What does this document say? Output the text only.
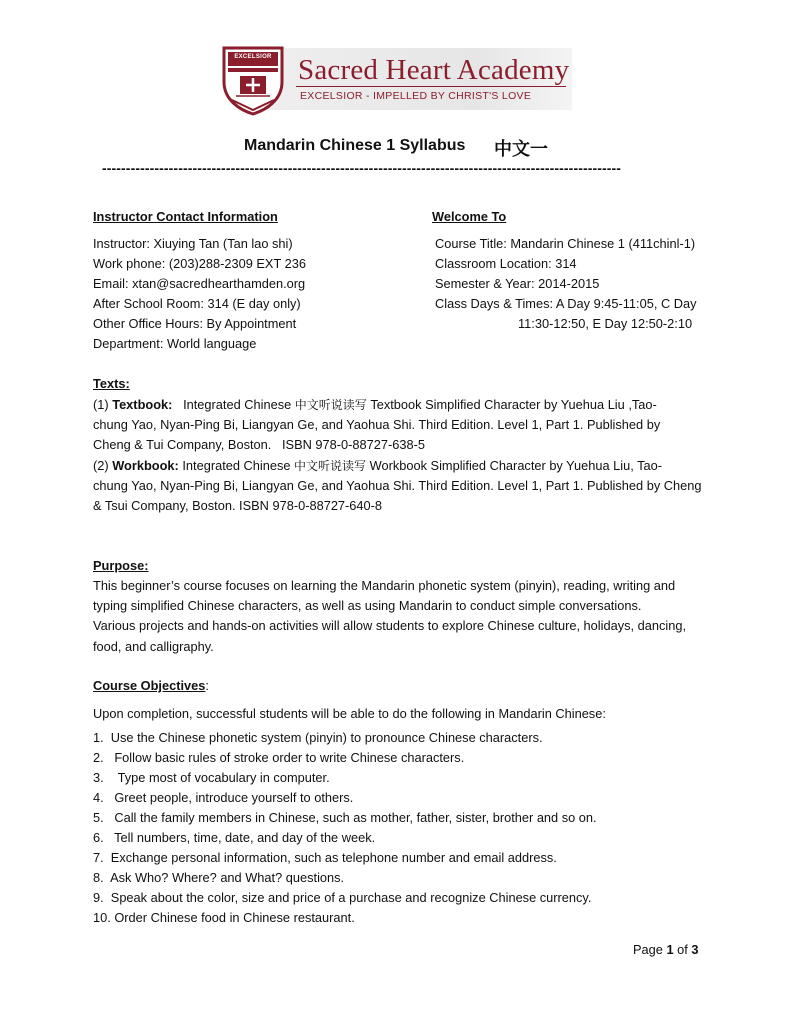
EXCELSIOR Sacred Heart Academy
EXCELSIOR - IMPELLED BY CHRIST'S LOVE
Mandarin Chinese 1 Syllabus 中文一
-------------------------------------------------------------------------------------------------------------
Instructor Contact Information
Instructor: Xiuying Tan (Tan lao shi)
Work phone: (203)288-2309 EXT 236
Email: xtan@sacredhearthamden.org
After School Room: 314 (E day only)
Other Office Hours: By Appointment
Department: World language
Welcome To
Course Title: Mandarin Chinese 1 (411chinl-1)
Classroom Location: 314
Semester & Year: 2014-2015
Class Days & Times: A Day 9:45-11:05, C Day
11:30-12:50, E Day 12:50-2:10
Texts:
(1) Textbook:   Integrated Chinese 中文听说读写 Textbook Simplified Character by Yuehua Liu ,Tao-
chung Yao, Nyan-Ping Bi, Liangyan Ge, and Yaohua Shi. Third Edition. Level 1, Part 1. Published by
Cheng & Tui Company, Boston.   ISBN 978-0-88727-638-5
(2) Workbook: Integrated Chinese 中文听说读写 Workbook Simplified Character by Yuehua Liu, Tao-
chung Yao, Nyan-Ping Bi, Liangyan Ge, and Yaohua Shi. Third Edition. Level 1, Part 1. Published by Cheng
& Tsui Company, Boston. ISBN 978-0-88727-640-8
Purpose:
This beginner’s course focuses on learning the Mandarin phonetic system (pinyin), reading, writing and
typing simplified Chinese characters, as well as using Mandarin to conduct simple conversations.
Various projects and hands-on activities will allow students to explore Chinese culture, holidays, dancing,
food, and calligraphy.
Course Objectives:
Upon completion, successful students will be able to do the following in Mandarin Chinese:
1.  Use the Chinese phonetic system (pinyin) to pronounce Chinese characters.
2.   Follow basic rules of stroke order to write Chinese characters.
3.    Type most of vocabulary in computer.
4.   Greet people, introduce yourself to others.
5.   Call the family members in Chinese, such as mother, father, sister, brother and so on.
6.   Tell numbers, time, date, and day of the week.
7.  Exchange personal information, such as telephone number and email address.
8.  Ask Who? Where? and What? questions.
9.  Speak about the color, size and price of a purchase and recognize Chinese currency.
10. Order Chinese food in Chinese restaurant.
Page 1 of 3
